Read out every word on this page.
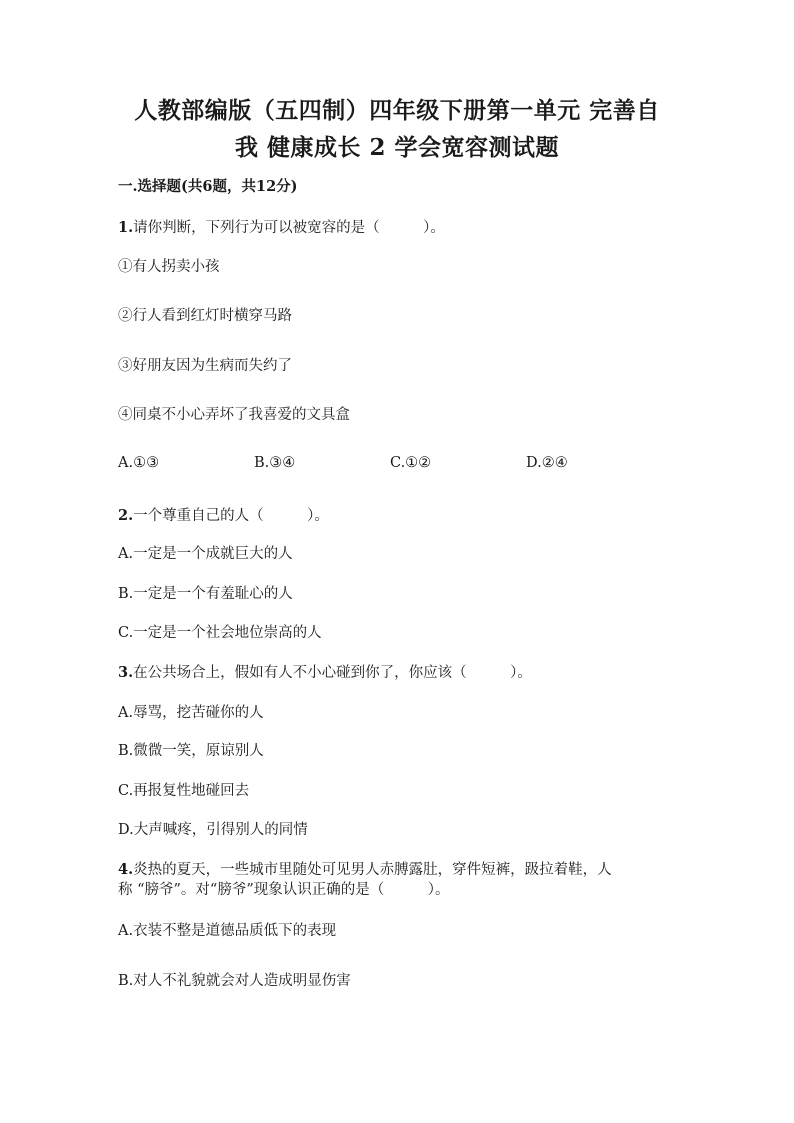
人教部编版（五四制）四年级下册第一单元 完善自
我 健康成长 2 学会宽容测试题
一.选择题(共6题，共12分)
1.请你判断，下列行为可以被宽容的是（　　　）。
①有人拐卖小孩
②行人看到红灯时横穿马路
③好朋友因为生病而失约了
④同桌不小心弄坏了我喜爱的文具盒
A.①③	B.③④	C.①②	D.②④
2.一个尊重自己的人（　　　）。
A.一定是一个成就巨大的人
B.一定是一个有羞耻心的人
C.一定是一个社会地位崇高的人
3.在公共场合上，假如有人不小心碰到你了，你应该（　　　）。
A.辱骂，挖苦碰你的人
B.微微一笑，原谅别人
C.再报复性地碰回去
D.大声喊疼，引得别人的同情
4.炎热的夏天，一些城市里随处可见男人赤膊露肚，穿件短裤，趿拉着鞋，人
称 “膀爷”。对“膀爷”现象认识正确的是（　　　）。
A.衣装不整是道德品质低下的表现
B.对人不礼貌就会对人造成明显伤害
